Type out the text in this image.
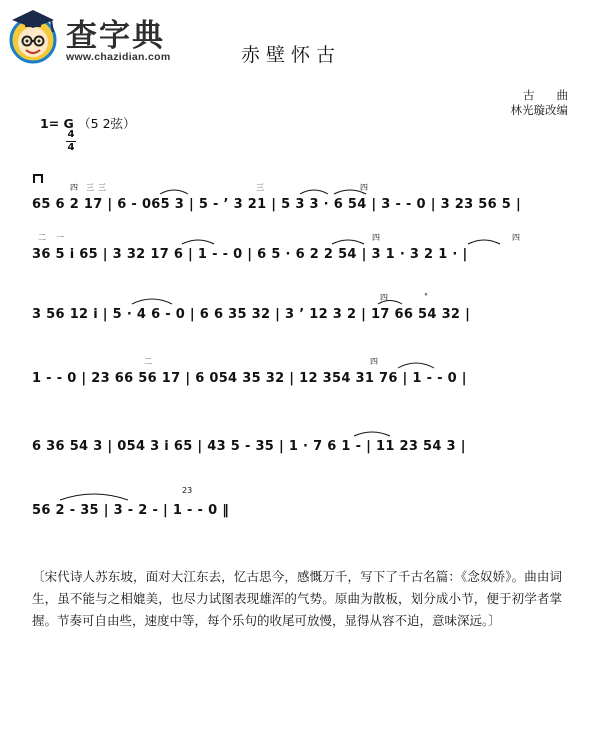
查字典
www.chazidian.com	赤壁怀古
古曲
林光璇改编
1= G （5 2弦）
4
4
四 三 三	三	四
65 6 2 17 | 6 - 065 3 | 5 - ’ 3 21 | 5 3 3 · 6 54 | 3 - - 0 | 3 23 56 5 |
二 一	四	四
36 5 i 65 | 3 32 17 6 | 1 - - 0 | 6 5 · 6 2 2 54 | 3 1 · 3 2 1 · |
四	°
3 56 12 i | 5 · 4 6 - 0 | 6 6 35 32 | 3 ’ 12 3 2 | 17 66 54 32 |
二	四
1 - - 0 | 23 66 56 17 | 6 054 35 32 | 12 354 31 76 | 1 - - 0 |
6 36 54 3 | 054 3 i 65 | 43 5 - 35 | 1 · 7 6 1 - | 11 23 54 3 |
23
56 2 - 35 | 3 - 2 - | 1 - - 0 ‖
〔宋代诗人苏东坡，面对大江东去，忆古思今，感慨万千，写下了千古名篇：《念奴娇》。曲由词生，虽不能与之相媲美，也尽力试图表现雄浑的气势。原曲为散板，划分成小节，便于初学者掌握。节奏可自由些，速度中等，每个乐句的收尾可放慢，显得从容不迫，意味深远。〕
